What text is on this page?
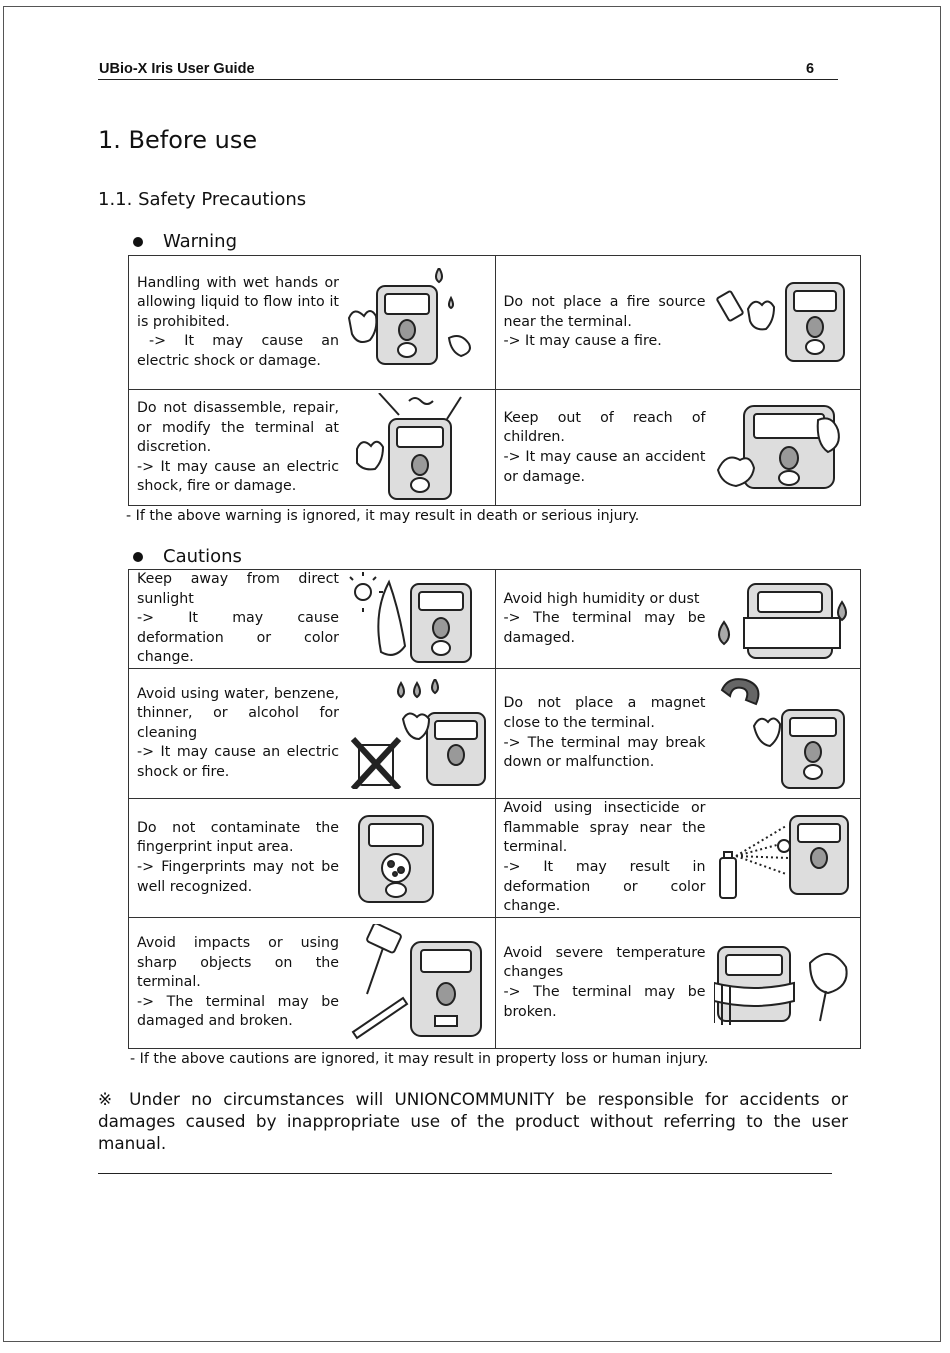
UBio-X Iris User Guide	6
1. Before use
1.1. Safety Precautions
Warning
Handling with wet hands or allowing liquid to flow into it is prohibited.
-> It may cause an electric shock or damage.
Do not place a fire source near the terminal.
-> It may cause a fire.
Do not disassemble, repair, or modify the terminal at discretion.
-> It may cause an electric shock, fire or damage.
Keep out of reach of children.
-> It may cause an accident or damage.
- If the above warning is ignored, it may result in death or serious injury.
Cautions
Keep away from direct sunlight
-> It may cause deformation or color change.
Avoid high humidity or dust
-> The terminal may be damaged.
Avoid using water, benzene, thinner, or alcohol for cleaning
-> It may cause an electric shock or fire.
Do not place a magnet close to the terminal.
-> The terminal may break down or malfunction.
Do not contaminate the fingerprint input area.
-> Fingerprints may not be well recognized.
Avoid using insecticide or flammable spray near the terminal.
-> It may result in deformation or color change.
Avoid impacts or using sharp objects on the terminal.
-> The terminal may be damaged and broken.
Avoid severe temperature changes
-> The terminal may be broken.
- If the above cautions are ignored, it may result in property loss or human injury.
※ Under no circumstances will UNIONCOMMUNITY be responsible for accidents or damages caused by inappropriate use of the product without referring to the user manual.
